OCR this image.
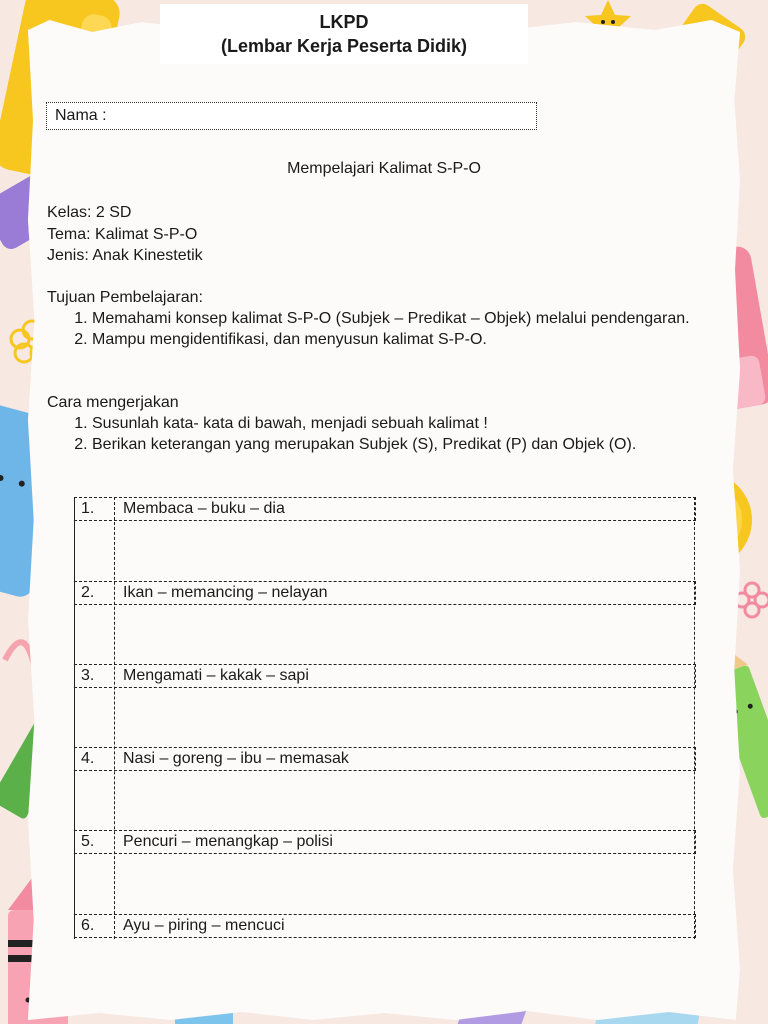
LKPD
(Lembar Kerja Peserta Didik)
Nama :
Mempelajari Kalimat S-P-O
Kelas: 2 SD
Tema: Kalimat S-P-O
Jenis: Anak Kinestetik
Tujuan Pembelajaran:
1. Memahami konsep kalimat S-P-O (Subjek – Predikat – Objek) melalui pendengaran.
2. Mampu mengidentifikasi, dan menyusun kalimat S-P-O.
Cara mengerjakan
1. Susunlah kata- kata di bawah, menjadi sebuah kalimat !
2. Berikan keterangan yang merupakan Subjek (S), Predikat (P) dan Objek (O).
1. Membaca – buku – dia
2. Ikan – memancing – nelayan
3. Mengamati – kakak – sapi
4. Nasi – goreng – ibu – memasak
5. Pencuri – menangkap – polisi
6. Ayu – piring – mencuci
